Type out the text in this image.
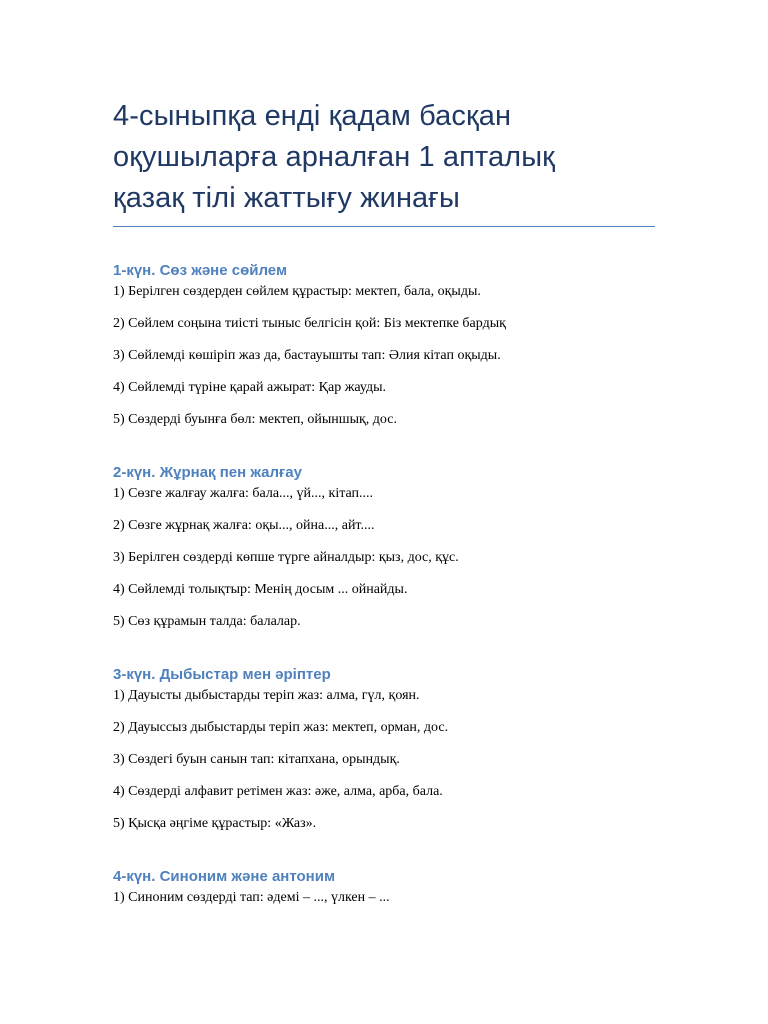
4-сыныпқа енді қадам басқан
оқушыларға арналған 1 апталық
қазақ тілі жаттығу жинағы
1-күн. Сөз және сөйлем
1) Берілген сөздерден сөйлем құрастыр: мектеп, бала, оқыды.
2) Сөйлем соңына тиісті тыныс белгісін қой: Біз мектепке бардық
3) Сөйлемді көшіріп жаз да, бастауышты тап: Әлия кітап оқыды.
4) Сөйлемді түріне қарай ажырат: Қар жауды.
5) Сөздерді буынға бөл: мектеп, ойыншық, дос.
2-күн. Жұрнақ пен жалғау
1) Сөзге жалғау жалға: бала..., үй..., кітап....
2) Сөзге жұрнақ жалға: оқы..., ойна..., айт....
3) Берілген сөздерді көпше түрге айналдыр: қыз, дос, құс.
4) Сөйлемді толықтыр: Менің досым ... ойнайды.
5) Сөз құрамын талда: балалар.
3-күн. Дыбыстар мен әріптер
1) Дауысты дыбыстарды теріп жаз: алма, гүл, қоян.
2) Дауыссыз дыбыстарды теріп жаз: мектеп, орман, дос.
3) Сөздегі буын санын тап: кітапхана, орындық.
4) Сөздерді алфавит ретімен жаз: әже, алма, арба, бала.
5) Қысқа әңгіме құрастыр: «Жаз».
4-күн. Синоним және антоним
1) Синоним сөздерді тап: әдемі – ..., үлкен – ...
